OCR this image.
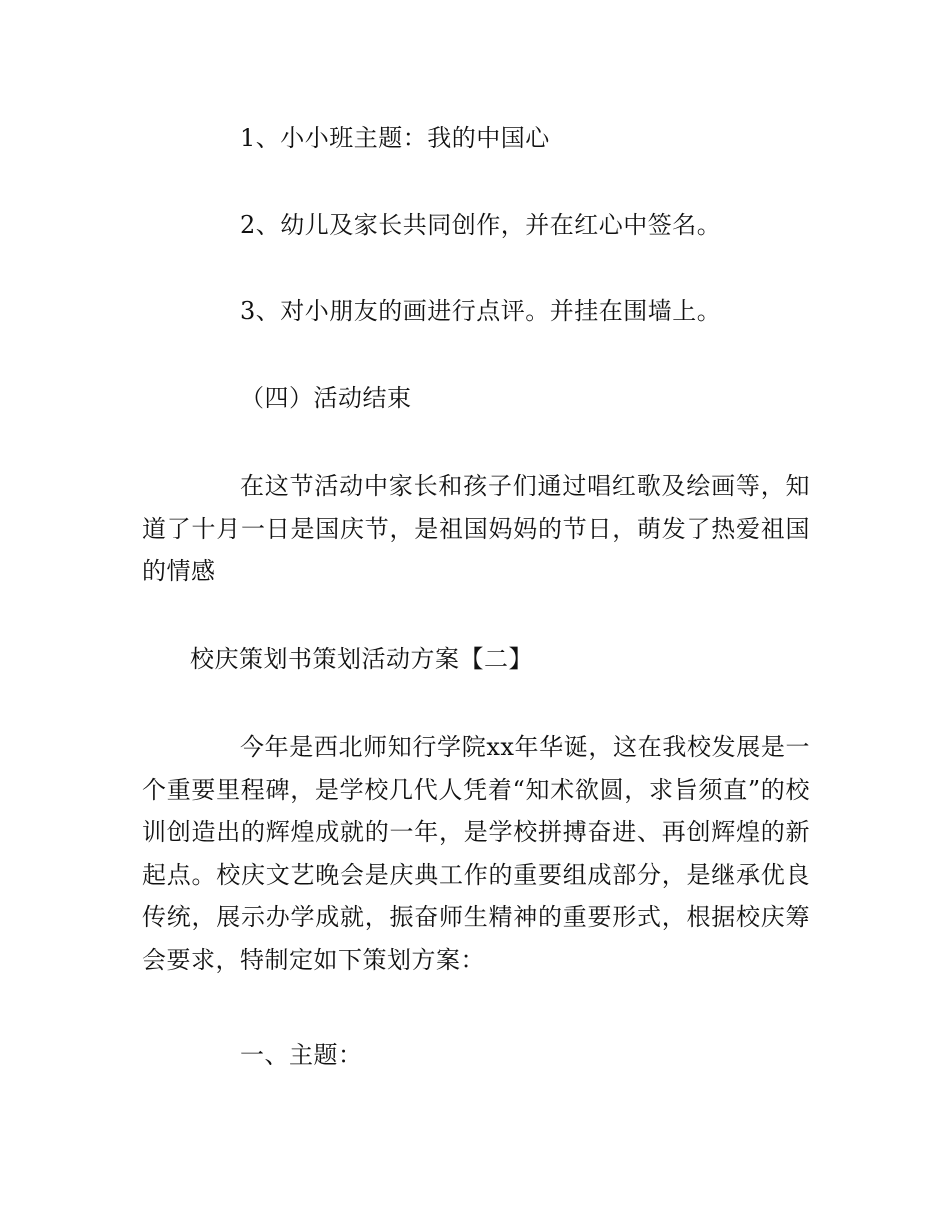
1、小小班主题：我的中国心
2、幼儿及家长共同创作，并在红心中签名。
3、对小朋友的画进行点评。并挂在围墙上。
（四）活动结束
在这节活动中家长和孩子们通过唱红歌及绘画等，知道了十月一日是国庆节，是祖国妈妈的节日，萌发了热爱祖国的情感
校庆策划书策划活动方案【二】
今年是西北师知行学院xx年华诞，这在我校发展是一个重要里程碑，是学校几代人凭着“知术欲圆，求旨须直”的校训创造出的辉煌成就的一年，是学校拼搏奋进、再创辉煌的新起点。校庆文艺晚会是庆典工作的重要组成部分，是继承优良传统，展示办学成就，振奋师生精神的重要形式，根据校庆筹会要求，特制定如下策划方案：
一、主题：
